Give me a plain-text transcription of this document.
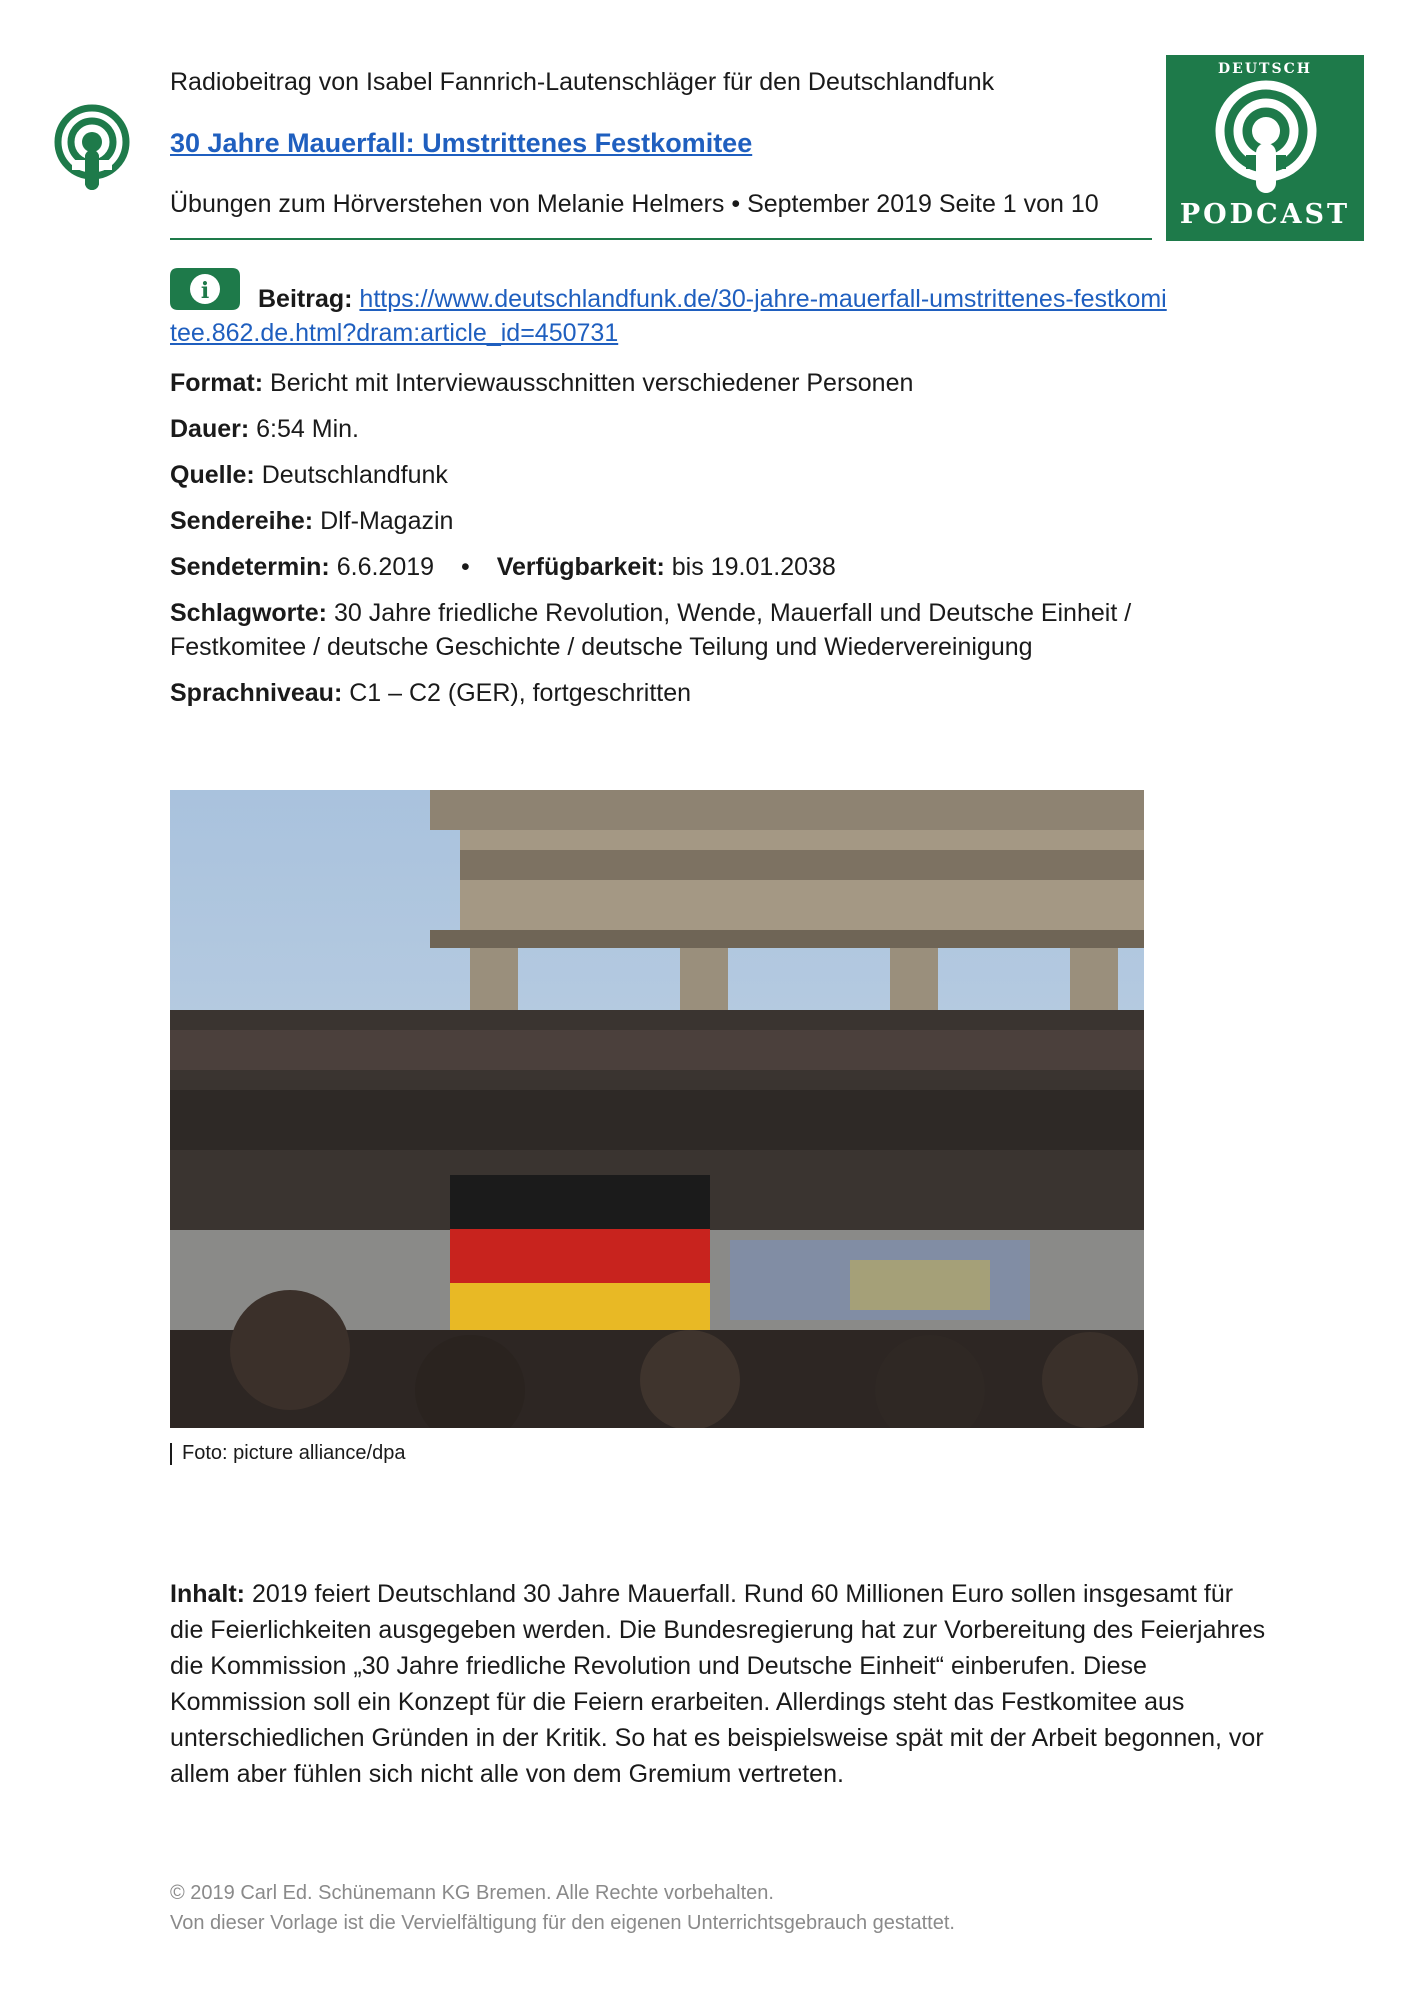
Radiobeitrag von Isabel Fannrich-Lautenschläger für den Deutschlandfunk
30 Jahre Mauerfall: Umstrittenes Festkomitee
Übungen zum Hörverstehen von Melanie Helmers • September 2019 Seite 1 von 10
DEUTSCH
PODCAST
i	Beitrag: https://www.deutschlandfunk.de/30-jahre-mauerfall-umstrittenes-festkomitee.862.de.html?dram:article_id=450731
Format: Bericht mit Interviewausschnitten verschiedener Personen
Dauer: 6:54 Min.
Quelle: Deutschlandfunk
Sendereihe: Dlf-Magazin
Sendetermin: 6.6.2019 • Verfügbarkeit: bis 19.01.2038
Schlagworte: 30 Jahre friedliche Revolution, Wende, Mauerfall und Deutsche Einheit / Festkomitee / deutsche Geschichte / deutsche Teilung und Wiedervereinigung
Sprachniveau: C1 – C2 (GER), fortgeschritten
Foto: picture alliance/dpa
Inhalt: 2019 feiert Deutschland 30 Jahre Mauerfall. Rund 60 Millionen Euro sollen insgesamt für die Feierlichkeiten ausgegeben werden. Die Bundesregierung hat zur Vorbereitung des Feierjahres die Kommission „30 Jahre friedliche Revolution und Deutsche Einheit“ einberufen. Diese Kommission soll ein Konzept für die Feiern erarbeiten. Allerdings steht das Festkomitee aus unterschiedlichen Gründen in der Kritik. So hat es beispielsweise spät mit der Arbeit begonnen, vor allem aber fühlen sich nicht alle von dem Gremium vertreten.
© 2019 Carl Ed. Schünemann KG Bremen. Alle Rechte vorbehalten.
Von dieser Vorlage ist die Vervielfältigung für den eigenen Unterrichtsgebrauch gestattet.
